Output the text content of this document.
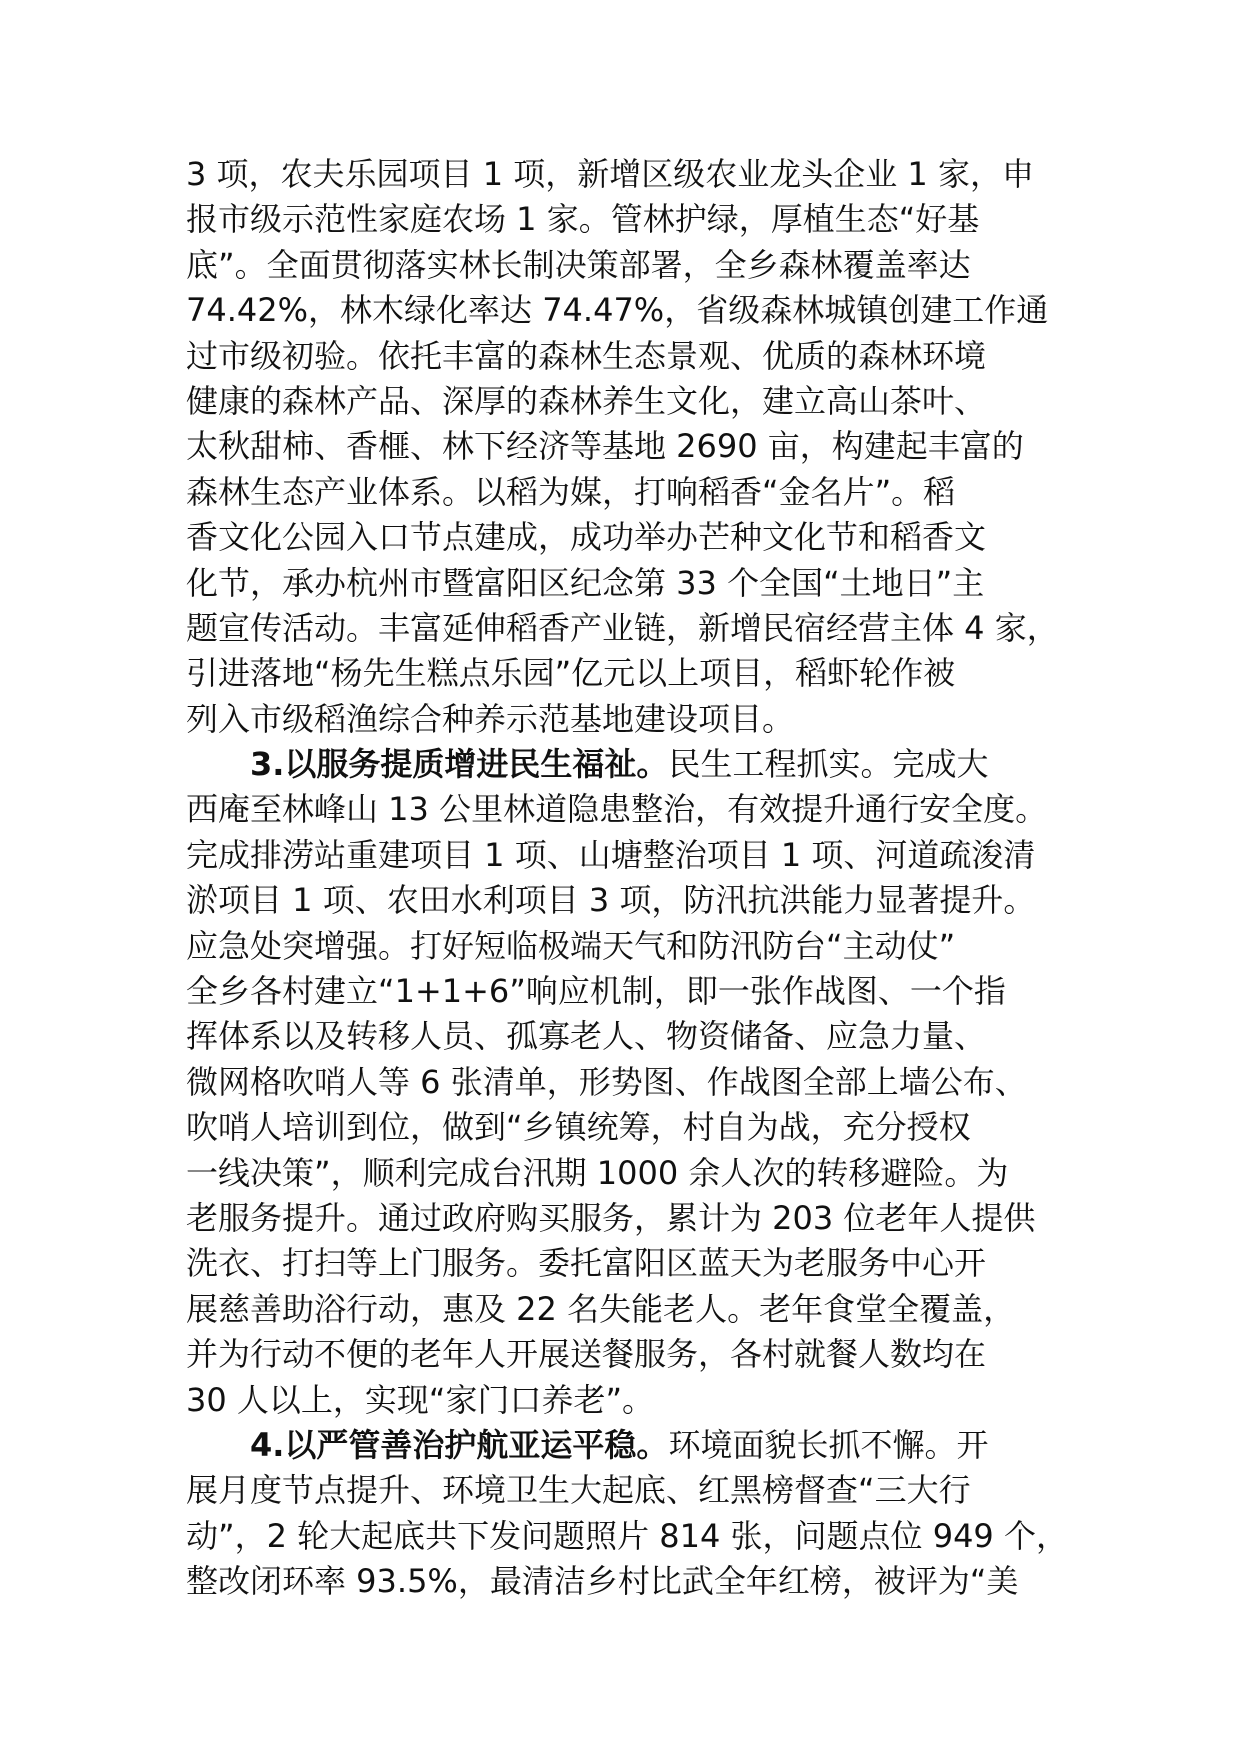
3 项，农夫乐园项目 1 项，新增区级农业龙头企业 1 家，申
报市级示范性家庭农场 1 家。管林护绿，厚植生态“好基
底”。全面贯彻落实林长制决策部署，全乡森林覆盖率达
74.42%，林木绿化率达 74.47%，省级森林城镇创建工作通
过市级初验。依托丰富的森林生态景观、优质的森林环境
健康的森林产品、深厚的森林养生文化，建立高山茶叶、
太秋甜柿、香榧、林下经济等基地 2690 亩，构建起丰富的
森林生态产业体系。以稻为媒，打响稻香“金名片”。稻
香文化公园入口节点建成，成功举办芒种文化节和稻香文
化节，承办杭州市暨富阳区纪念第 33 个全国“土地日”主
题宣传活动。丰富延伸稻香产业链，新增民宿经营主体 4 家，
引进落地“杨先生糕点乐园”亿元以上项目，稻虾轮作被
列入市级稻渔综合种养示范基地建设项目。
3.以服务提质增进民生福祉。民生工程抓实。完成大
西庵至林峰山 13 公里林道隐患整治，有效提升通行安全度。
完成排涝站重建项目 1 项、山塘整治项目 1 项、河道疏浚清
淤项目 1 项、农田水利项目 3 项，防汛抗洪能力显著提升。
应急处突增强。打好短临极端天气和防汛防台“主动仗”
全乡各村建立“1+1+6”响应机制，即一张作战图、一个指
挥体系以及转移人员、孤寡老人、物资储备、应急力量、
微网格吹哨人等 6 张清单，形势图、作战图全部上墙公布、
吹哨人培训到位，做到“乡镇统筹，村自为战，充分授权
一线决策”，顺利完成台汛期 1000 余人次的转移避险。为
老服务提升。通过政府购买服务，累计为 203 位老年人提供
洗衣、打扫等上门服务。委托富阳区蓝天为老服务中心开
展慈善助浴行动，惠及 22 名失能老人。老年食堂全覆盖，
并为行动不便的老年人开展送餐服务，各村就餐人数均在
30 人以上，实现“家门口养老”。
4.以严管善治护航亚运平稳。环境面貌长抓不懈。开
展月度节点提升、环境卫生大起底、红黑榜督查“三大行
动”，2 轮大起底共下发问题照片 814 张，问题点位 949 个，
整改闭环率 93.5%，最清洁乡村比武全年红榜，被评为“美
